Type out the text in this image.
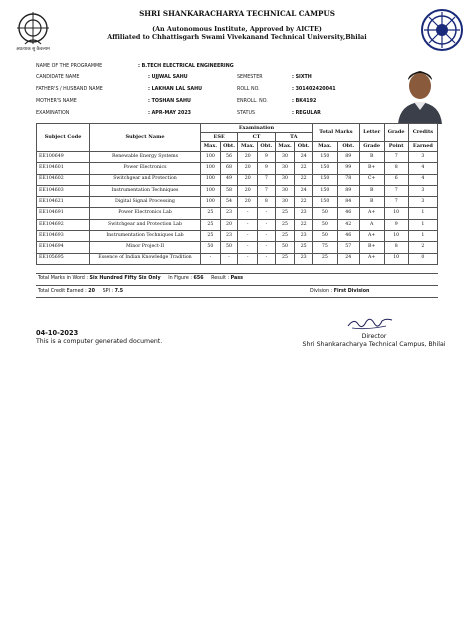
अप्रत्याक सु कैवल्यम
SHRI SHANKARACHARYA TECHNICAL CAMPUS
(An Autonomous Institute, Approved by AICTE)
Affiliated to Chhattisgarh Swami Vivekanand Technical University,Bhilai
NAME OF THE PROGRAMME	: B.TECH ELECTRICAL ENGINEERING
CANDIDATE NAME	: UJJWAL SAHU	SEMESTER	: SIXTH
FATHER'S / HUSBAND NAME	: LAKHAN LAL SAHU	ROLL NO.	: 301402420041
MOTHER'S NAME	: TOSHAN SAHU	ENROLL. NO.	: BK4192
EXAMINATION	: APR-MAY 2023	STATUS	: REGULAR
Subject Code	Subject Name	Examination						Total Marks		Letter	Grade	Credits
		ESE		CT		TA						
		Max.	Obt.	Max.	Obt.	Max.	Obt.	Max.	Obt.	Grade	Point	Earned
EE100649	Renewable Energy Systems	100	56	20	9	30	24	150	89	B	7	3
EE104601	Power Electronics	100	68	20	9	30	22	150	99	B+	8	4
EE104602	Switchgear and Protection	100	49	20	7	30	22	150	78	C+	6	4
EE104603	Instrumentation Techniques	100	58	20	7	30	24	150	89	B	7	3
EE104621	Digital Signal Processing	100	54	20	8	30	22	150	84	B	7	3
EE104691	Power Electronics Lab	25	23	-	-	25	23	50	46	A+	10	1
EE104692	Switchgear and Protection Lab	25	20	-	-	25	22	50	42	A	9	1
EE104693	Instrumentation Techniques Lab	25	23	-	-	25	23	50	46	A+	10	1
EE104694	Minor Project-II	50	50	-	-	50	25	75	57	B+	8	2
EE105695	Essence of Indian Knowledge Tradition	-	-	-	-	25	23	25	24	A+	10	0
Total Marks in Word : Six Hundred Fifty Six Only In Figure : 656 Result : Pass
Total Credit Earned : 20 SPI : 7.5	Division : First Division
04-10-2023
This is a computer generated document.
Director
Shri Shankaracharya Technical Campus, Bhilai
